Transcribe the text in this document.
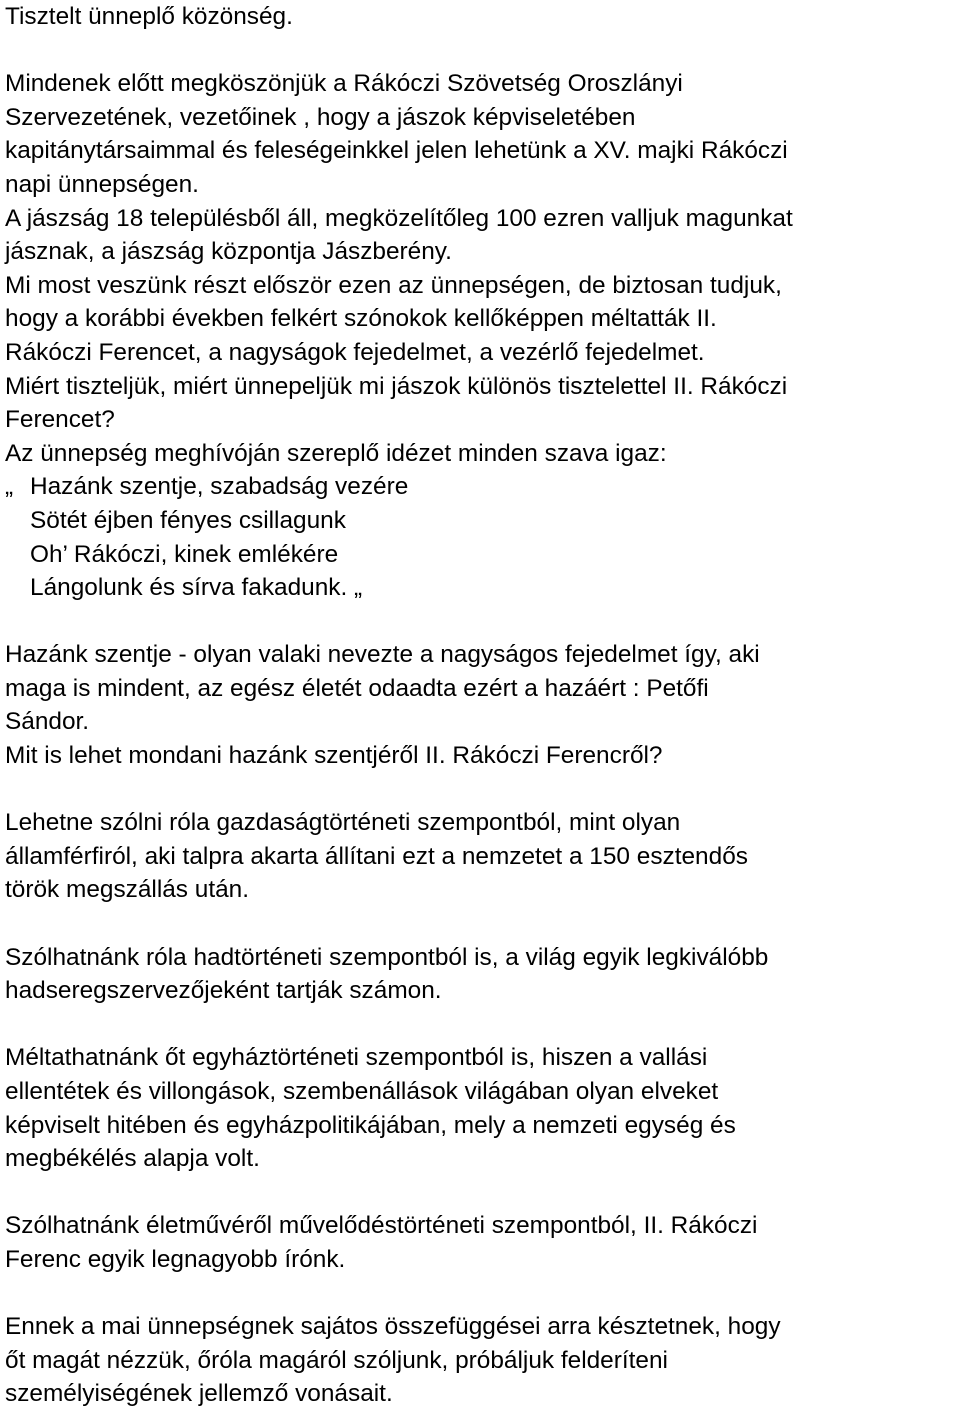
Tisztelt ünneplő közönség.
Mindenek előtt megköszönjük a Rákóczi Szövetség Oroszlányi
Szervezetének, vezetőinek , hogy a jászok képviseletében
kapitánytársaimmal és feleségeinkkel jelen lehetünk a XV. majki Rákóczi
napi ünnepségen.
A jászság 18 településből áll, megközelítőleg 100 ezren valljuk magunkat
jásznak, a jászság központja Jászberény.
Mi most veszünk részt először ezen az ünnepségen, de biztosan tudjuk,
hogy a korábbi években felkért szónokok kellőképpen méltatták II.
Rákóczi Ferencet, a nagyságok fejedelmet, a vezérlő fejedelmet.
Miért tiszteljük, miért ünnepeljük mi jászok különös tisztelettel II. Rákóczi
Ferencet?
Az ünnepség meghívóján szereplő idézet minden szava igaz:
„ Hazánk szentje, szabadság vezére
Sötét éjben fényes csillagunk
Oh’ Rákóczi, kinek emlékére
Lángolunk és sírva fakadunk. „
Hazánk szentje - olyan valaki nevezte a nagyságos fejedelmet így, aki
maga is mindent, az egész életét odaadta ezért a hazáért : Petőfi
Sándor.
Mit is lehet mondani hazánk szentjéről II. Rákóczi Ferencről?
Lehetne szólni róla gazdaságtörténeti szempontból, mint olyan
államférfiról, aki talpra akarta állítani ezt a nemzetet a 150 esztendős
török megszállás után.
Szólhatnánk róla hadtörténeti szempontból is, a világ egyik legkiválóbb
hadseregszervezőjeként tartják számon.
Méltathatnánk őt egyháztörténeti szempontból is, hiszen a vallási
ellentétek és villongások, szembenállások világában olyan elveket
képviselt hitében és egyházpolitikájában, mely a nemzeti egység és
megbékélés alapja volt.
Szólhatnánk életművéről művelődéstörténeti szempontból, II. Rákóczi
Ferenc egyik legnagyobb írónk.
Ennek a mai ünnepségnek sajátos összefüggései arra késztetnek, hogy
őt magát nézzük, őróla magáról szóljunk, próbáljuk felderíteni
személyiségének jellemző vonásait.
